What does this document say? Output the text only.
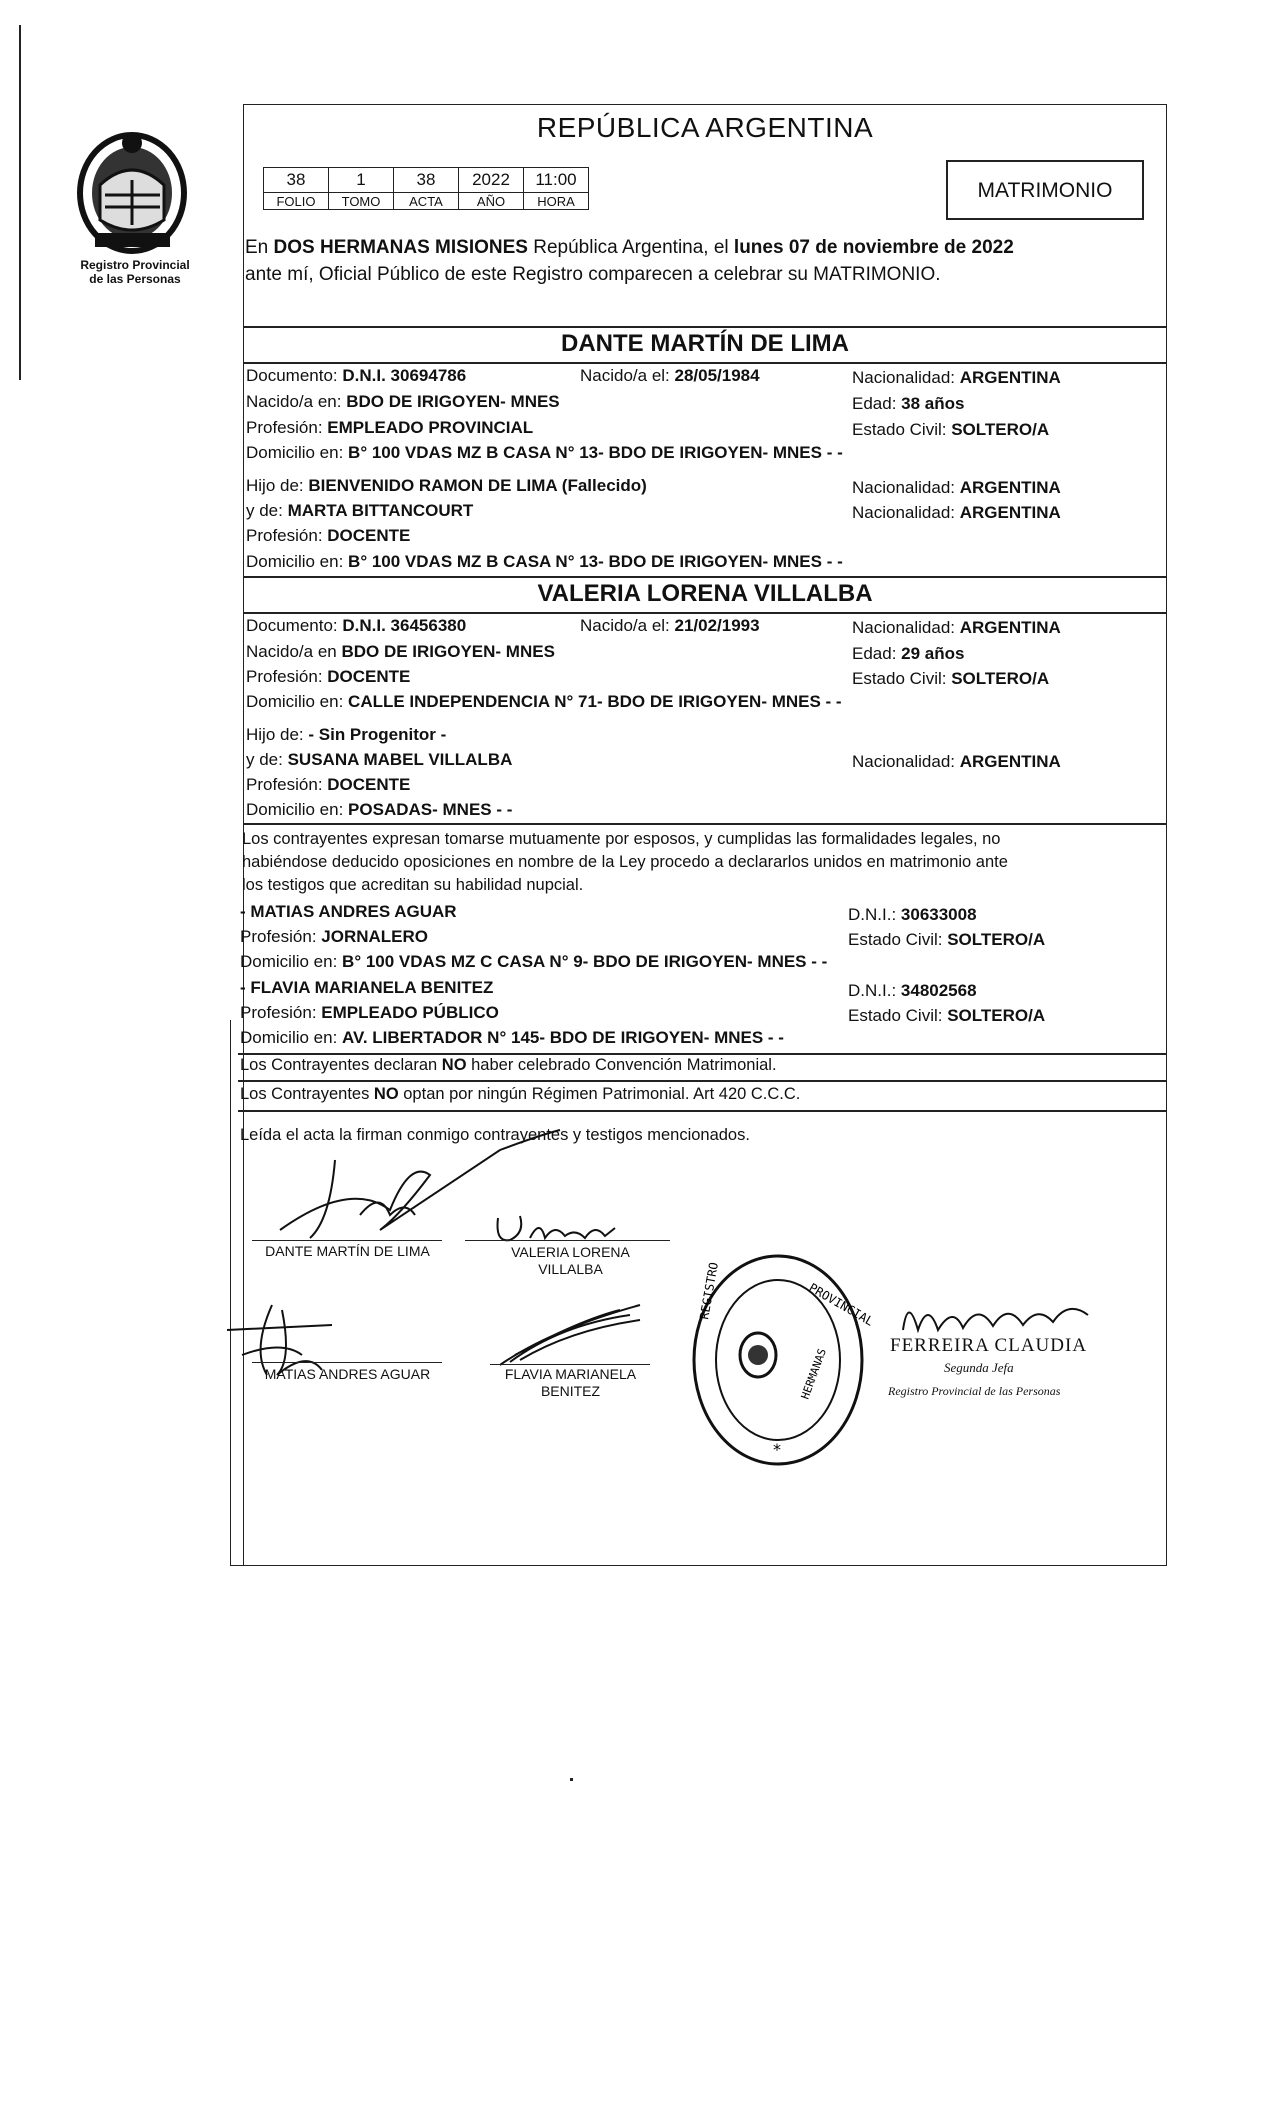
Registro Provincial
de las Personas
REPÚBLICA ARGENTINA
38	1	38	2022	11:00
FOLIO	TOMO	ACTA	AÑO	HORA	MATRIMONIO
En DOS HERMANAS MISIONES República Argentina, el lunes 07 de noviembre de 2022
ante mí, Oficial Público de este Registro comparecen a celebrar su MATRIMONIO.
DANTE MARTÍN DE LIMA
Documento: D.N.I. 30694786	Nacido/a el: 28/05/1984	Nacionalidad: ARGENTINA
Nacido/a en: BDO DE IRIGOYEN- MNES	Edad: 38 años
Profesión: EMPLEADO PROVINCIAL	Estado Civil: SOLTERO/A
Domicilio en: B° 100 VDAS MZ B CASA N° 13- BDO DE IRIGOYEN- MNES - -
Hijo de: BIENVENIDO RAMON DE LIMA (Fallecido)	Nacionalidad: ARGENTINA
y de: MARTA BITTANCOURT	Nacionalidad: ARGENTINA
Profesión: DOCENTE
Domicilio en: B° 100 VDAS MZ B CASA N° 13- BDO DE IRIGOYEN- MNES - -
VALERIA LORENA VILLALBA
Documento: D.N.I. 36456380	Nacido/a el: 21/02/1993	Nacionalidad: ARGENTINA
Nacido/a en BDO DE IRIGOYEN- MNES	Edad: 29 años
Profesión: DOCENTE	Estado Civil: SOLTERO/A
Domicilio en: CALLE INDEPENDENCIA N° 71- BDO DE IRIGOYEN- MNES - -
Hijo de: - Sin Progenitor -
y de: SUSANA MABEL VILLALBA	Nacionalidad: ARGENTINA
Profesión: DOCENTE
Domicilio en: POSADAS- MNES - -
Los contrayentes expresan tomarse mutuamente por esposos, y cumplidas las formalidades legales, no
habiéndose deducido oposiciones en nombre de la Ley procedo a declararlos unidos en matrimonio ante
los testigos que acreditan su habilidad nupcial.
- MATIAS ANDRES AGUAR	D.N.I.: 30633008
Profesión: JORNALERO	Estado Civil: SOLTERO/A
Domicilio en: B° 100 VDAS MZ C CASA N° 9- BDO DE IRIGOYEN- MNES - -
- FLAVIA MARIANELA BENITEZ	D.N.I.: 34802568
Profesión: EMPLEADO PÚBLICO	Estado Civil: SOLTERO/A
Domicilio en: AV. LIBERTADOR N° 145- BDO DE IRIGOYEN- MNES - -
Los Contrayentes declaran NO haber celebrado Convención Matrimonial.
Los Contrayentes NO optan por ningún Régimen Patrimonial. Art 420 C.C.C.
Leída el acta la firman conmigo contrayentes y testigos mencionados.
DANTE MARTÍN DE LIMA	VALERIA LORENA
VILLALBA
MATIAS ANDRES AGUAR	FLAVIA MARIANELA
BENITEZ
PROVINCIAL
REGISTRO
HERMANAS
*
FERREIRA CLAUDIA
Segunda Jefa
Registro Provincial de las Personas
